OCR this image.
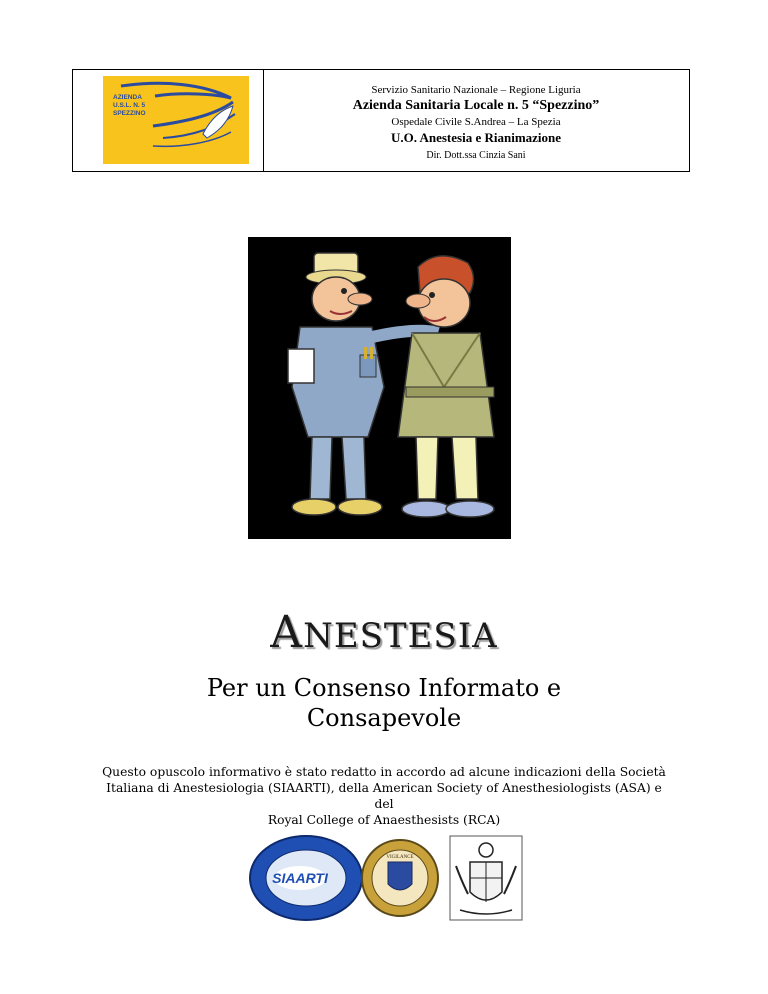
AZIENDA
U.S.L. N. 5
SPEZZINO
Servizio Sanitario Nazionale – Regione Liguria
Azienda Sanitaria Locale n. 5 “Spezzino”
Ospedale Civile S.Andrea – La Spezia
U.O. Anestesia e Rianimazione
Dir. Dott.ssa Cinzia Sani
ANESTESIA
Per un Consenso Informato e
Consapevole
Questo opuscolo informativo è stato redatto in accordo ad alcune indicazioni della Società
Italiana di Anestesiologia (SIAARTI), della American Society of Anesthesiologists (ASA) e del
Royal College of Anaesthesists (RCA)
SIAARTI
VIGILANCE
